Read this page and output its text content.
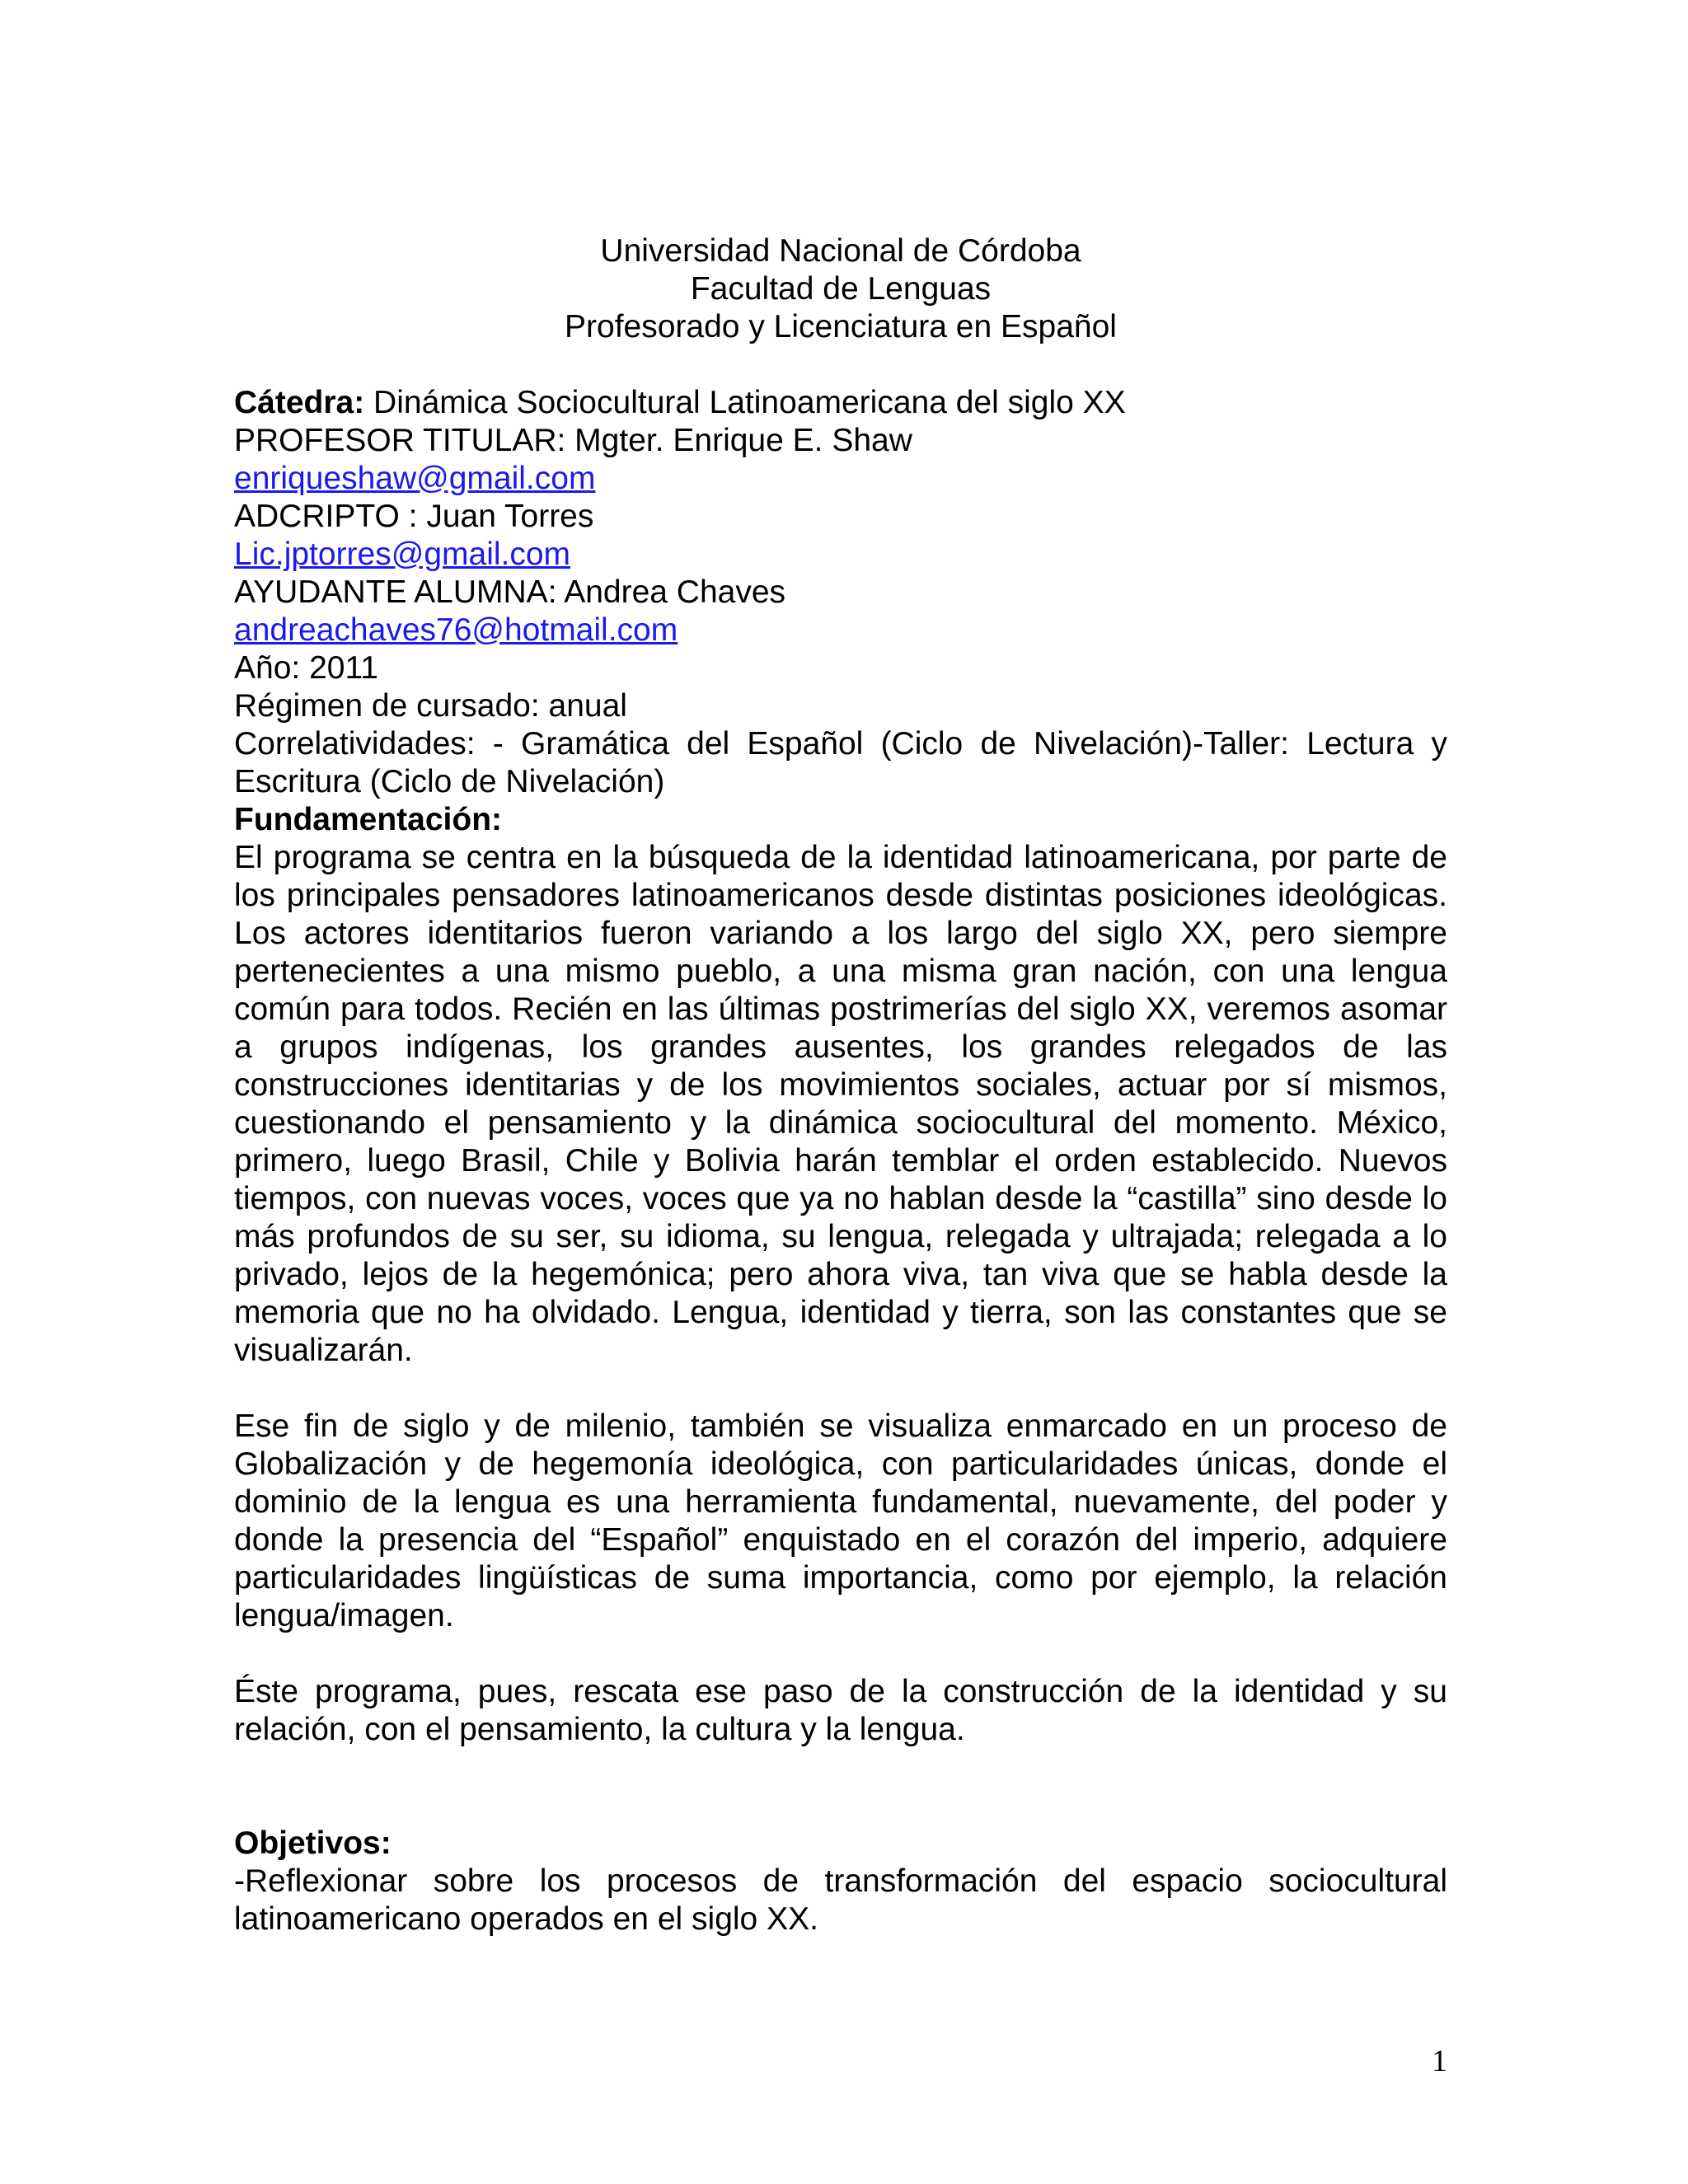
Universidad Nacional de Córdoba
Facultad de Lenguas
Profesorado y Licenciatura en Español
Cátedra: Dinámica Sociocultural Latinoamericana del siglo XX
PROFESOR TITULAR: Mgter. Enrique E. Shaw
enriqueshaw@gmail.com
ADCRIPTO : Juan Torres
Lic.jptorres@gmail.com
AYUDANTE ALUMNA: Andrea Chaves
andreachaves76@hotmail.com
Año: 2011
Régimen de cursado: anual
Correlatividades: - Gramática del Español (Ciclo de Nivelación)-Taller: Lectura y Escritura (Ciclo de Nivelación)
Fundamentación:
El programa se centra en la búsqueda de la identidad latinoamericana, por parte de los principales pensadores latinoamericanos desde distintas posiciones ideológicas. Los actores identitarios fueron variando a los largo del siglo XX, pero siempre pertenecientes a una mismo pueblo, a una misma gran nación, con una lengua común para todos. Recién en las últimas postrimerías del siglo XX, veremos asomar a grupos indígenas, los grandes ausentes, los grandes relegados de las construcciones identitarias y de los movimientos sociales, actuar por sí mismos, cuestionando el pensamiento y la dinámica sociocultural del momento. México, primero, luego Brasil, Chile y Bolivia harán temblar el orden establecido. Nuevos tiempos, con nuevas voces, voces que ya no hablan desde la “castilla” sino desde lo más profundos de su ser, su idioma, su lengua, relegada y ultrajada; relegada a lo privado, lejos de la hegemónica; pero ahora viva, tan viva que se habla desde la memoria que no ha olvidado. Lengua, identidad y tierra, son las constantes que se visualizarán.
Ese fin de siglo y de milenio, también se visualiza enmarcado en un proceso de Globalización y de hegemonía ideológica, con particularidades únicas, donde el dominio de la lengua es una herramienta fundamental, nuevamente, del poder y donde la presencia del “Español” enquistado en el corazón del imperio, adquiere particularidades lingüísticas de suma importancia, como por ejemplo, la relación lengua/imagen.
Éste programa, pues, rescata ese paso de la construcción de la identidad y su relación, con el pensamiento, la cultura y la lengua.
Objetivos:
-Reflexionar sobre los procesos de transformación del espacio sociocultural latinoamericano operados en el siglo XX.
1
